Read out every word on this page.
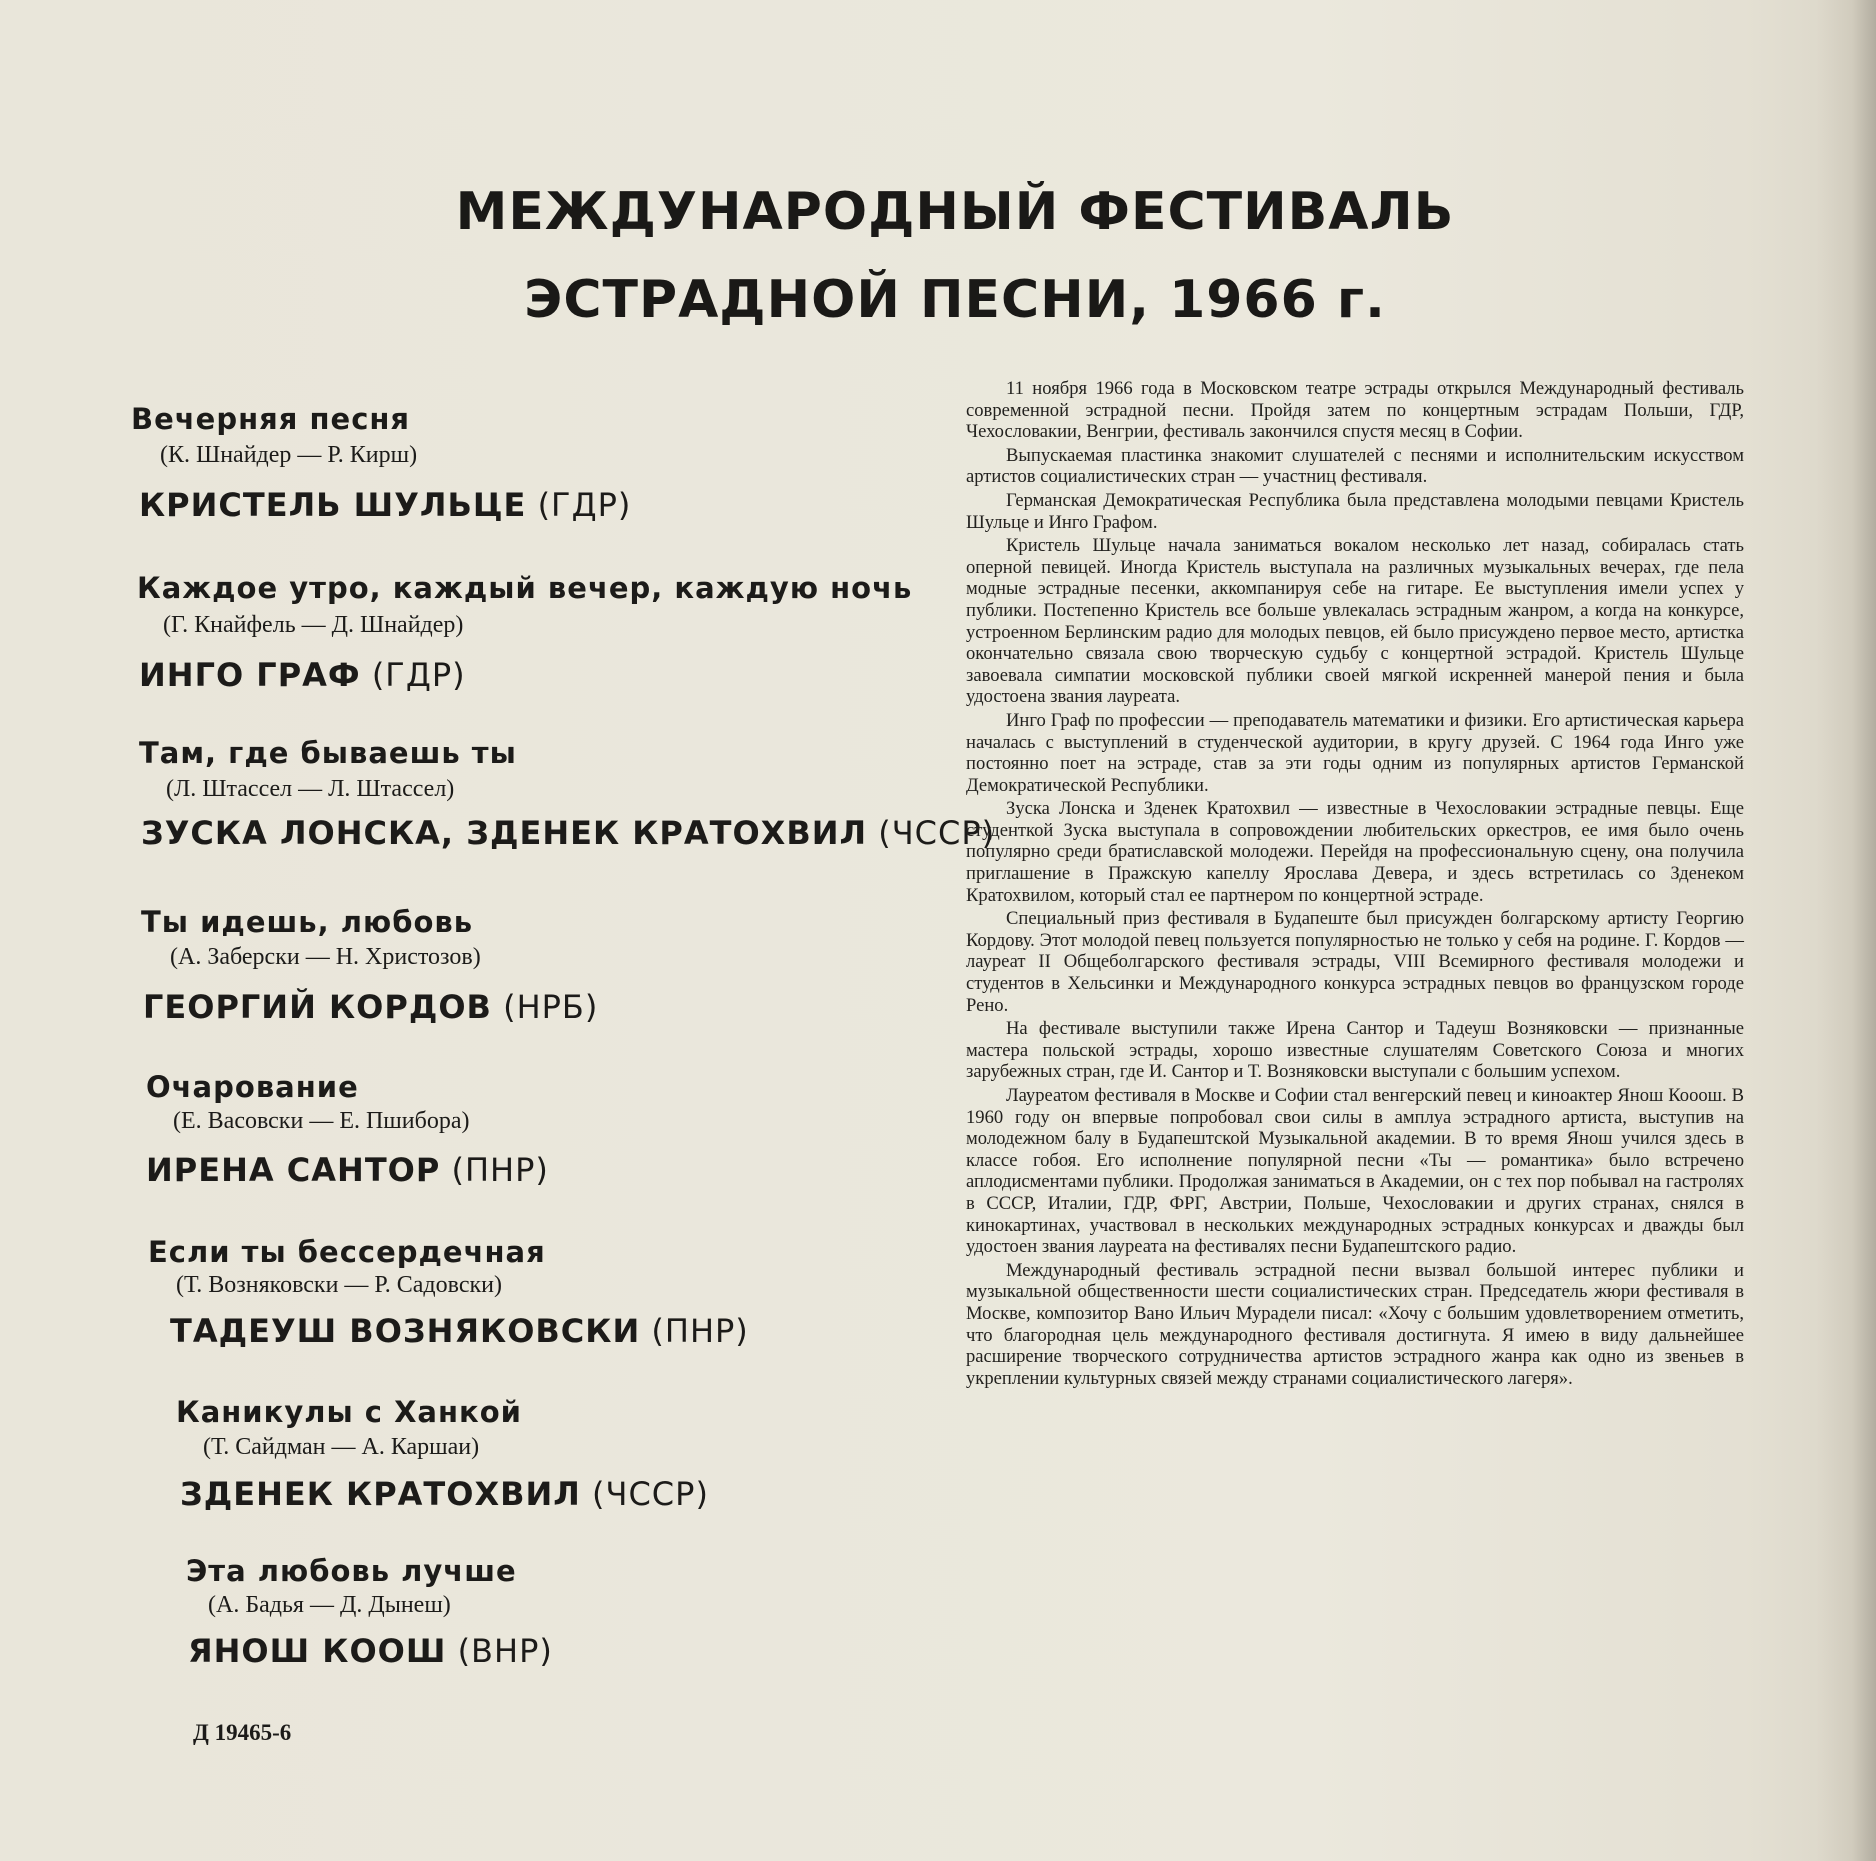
МЕЖДУНАРОДНЫЙ ФЕСТИВАЛЬ
ЭСТРАДНОЙ ПЕСНИ, 1966 г.
Вечерняя песня
(К. Шнайдер — Р. Кирш)
КРИСТЕЛЬ ШУЛЬЦЕ (ГДР)
Каждое утро, каждый вечер, каждую ночь
(Г. Кнайфель — Д. Шнайдер)
ИНГО ГРАФ (ГДР)
Там, где бываешь ты
(Л. Штассел — Л. Штассел)
ЗУСКА ЛОНСКА, ЗДЕНЕК КРАТОХВИЛ (ЧССР)
Ты идешь, любовь
(А. Заберски — Н. Христозов)
ГЕОРГИЙ КОРДОВ (НРБ)
Очарование
(Е. Васовски — Е. Пшибора)
ИРЕНА САНТОР (ПНР)
Если ты бессердечная
(Т. Возняковски — Р. Садовски)
ТАДЕУШ ВОЗНЯКОВСКИ (ПНР)
Каникулы с Ханкой
(Т. Сайдман — А. Каршаи)
ЗДЕНЕК КРАТОХВИЛ (ЧССР)
Эта любовь лучше
(А. Бадья — Д. Дынеш)
ЯНОШ КООШ (ВНР)
Д 19465-6

11 ноября 1966 года в Московском театре эстрады открылся Международный фестиваль современной эстрадной песни. Пройдя затем по концертным эстрадам Польши, ГДР, Чехословакии, Венгрии, фестиваль закончился спустя месяц в Софии.

Выпускаемая пластинка знакомит слушателей с песнями и исполнительским искусством артистов социалистических стран — участниц фестиваля.

Германская Демократическая Республика была представлена молодыми певцами Кристель Шульце и Инго Графом.

Кристель Шульце начала заниматься вокалом несколько лет назад, собиралась стать оперной певицей. Иногда Кристель выступала на различных музыкальных вечерах, где пела модные эстрадные песенки, аккомпанируя себе на гитаре. Ее выступления имели успех у публики. Постепенно Кристель все больше увлекалась эстрадным жанром, а когда на конкурсе, устроенном Берлинским радио для молодых певцов, ей было присуждено первое место, артистка окончательно связала свою творческую судьбу с концертной эстрадой. Кристель Шульце завоевала симпатии московской публики своей мягкой искренней манерой пения и была удостоена звания лауреата.

Инго Граф по профессии — преподаватель математики и физики. Его артистическая карьера началась с выступлений в студенческой аудитории, в кругу друзей. С 1964 года Инго уже постоянно поет на эстраде, став за эти годы одним из популярных артистов Германской Демократической Республики.

Зуска Лонска и Зденек Кратохвил — известные в Чехословакии эстрадные певцы. Еще студенткой Зуска выступала в сопровождении любительских оркестров, ее имя было очень популярно среди братиславской молодежи. Перейдя на профессиональную сцену, она получила приглашение в Пражскую капеллу Ярослава Девера, и здесь встретилась со Зденеком Кратохвилом, который стал ее партнером по концертной эстраде.

Специальный приз фестиваля в Будапеште был присужден болгарскому артисту Георгию Кордову. Этот молодой певец пользуется популярностью не только у себя на родине. Г. Кордов — лауреат II Общеболгарского фестиваля эстрады, VIII Всемирного фестиваля молодежи и студентов в Хельсинки и Международного конкурса эстрадных певцов во французском городе Рено.

На фестивале выступили также Ирена Сантор и Тадеуш Возняковски — признанные мастера польской эстрады, хорошо известные слушателям Советского Союза и многих зарубежных стран, где И. Сантор и Т. Возняковски выступали с большим успехом.

Лауреатом фестиваля в Москве и Софии стал венгерский певец и киноактер Янош Кооош. В 1960 году он впервые попробовал свои силы в амплуа эстрадного артиста, выступив на молодежном балу в Будапештской Музыкальной академии. В то время Янош учился здесь в классе гобоя. Его исполнение популярной песни «Ты — романтика» было встречено аплодисментами публики. Продолжая заниматься в Академии, он с тех пор побывал на гастролях в СССР, Италии, ГДР, ФРГ, Австрии, Польше, Чехословакии и других странах, снялся в кинокартинах, участвовал в нескольких международных эстрадных конкурсах и дважды был удостоен звания лауреата на фестивалях песни Будапештского радио.

Международный фестиваль эстрадной песни вызвал большой интерес публики и музыкальной общественности шести социалистических стран. Председатель жюри фестиваля в Москве, композитор Вано Ильич Мурадели писал: «Хочу с большим удовлетворением отметить, что благородная цель международного фестиваля достигнута. Я имею в виду дальнейшее расширение творческого сотрудничества артистов эстрадного жанра как одно из звеньев в укреплении культурных связей между странами социалистического лагеря».
